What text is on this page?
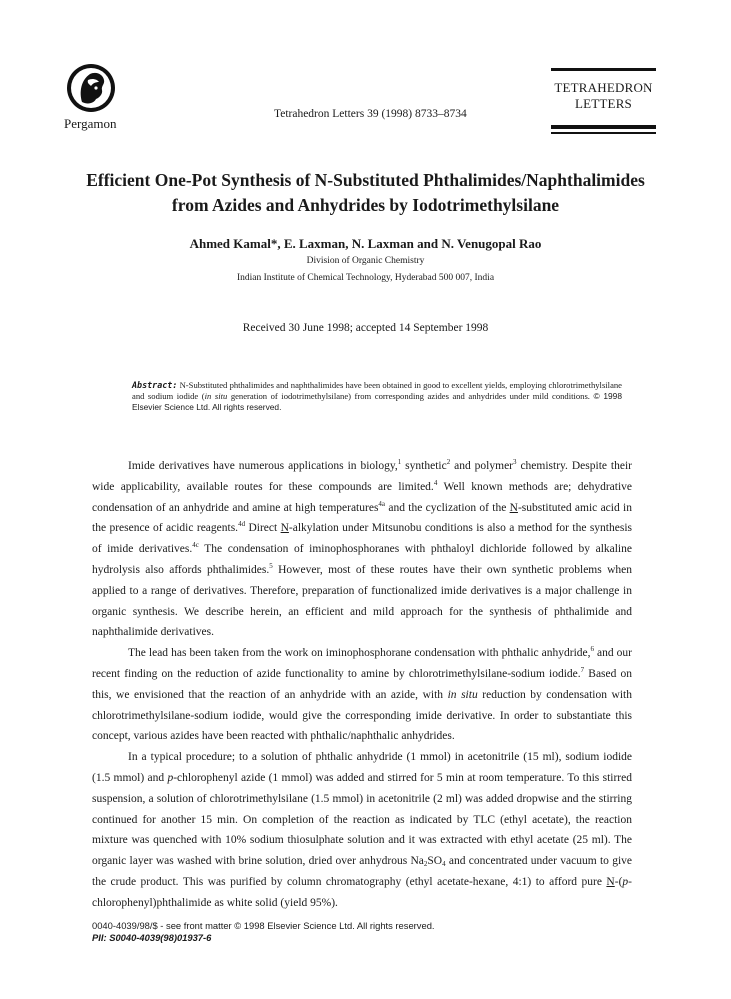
Pergamon
Tetrahedron Letters 39 (1998) 8733–8734
TETRAHEDRON
LETTERS
Efficient One-Pot Synthesis of N-Substituted Phthalimides/Naphthalimides
from Azides and Anhydrides by Iodotrimethylsilane
Ahmed Kamal*, E. Laxman, N. Laxman and N. Venugopal Rao
Division of Organic Chemistry
Indian Institute of Chemical Technology, Hyderabad 500 007, India
Received 30 June 1998; accepted 14 September 1998
Abstract: N-Substituted phthalimides and naphthalimides have been obtained in good to excellent yields, employing chlorotrimethylsilane and sodium iodide (in situ generation of iodotrimethylsilane) from corresponding azides and anhydrides under mild conditions. © 1998 Elsevier Science Ltd. All rights reserved.

Imide derivatives have numerous applications in biology,$^1$ synthetic$^2$ and polymer$^3$ chemistry. Despite their wide applicability, available routes for these compounds are limited.$^4$ Well known methods are; dehydrative condensation of an anhydride and amine at high temperatures$^{4a}$ and the cyclization of the N-substituted amic acid in the presence of acidic reagents.$^{4d}$ Direct N-alkylation under Mitsunobu conditions is also a method for the synthesis of imide derivatives.$^{4c}$ The condensation of iminophosphoranes with phthaloyl dichloride followed by alkaline hydrolysis also affords phthalimides.$^5$ However, most of these routes have their own synthetic problems when applied to a range of derivatives. Therefore, preparation of functionalized imide derivatives is a major challenge in organic synthesis. We describe herein, an efficient and mild approach for the synthesis of phthalimide and naphthalimide derivatives.

The lead has been taken from the work on iminophosphorane condensation with phthalic anhydride,$^6$ and our recent finding on the reduction of azide functionality to amine by chlorotrimethylsilane-sodium iodide.$^7$ Based on this, we envisioned that the reaction of an anhydride with an azide, with in situ reduction by condensation with chlorotrimethylsilane-sodium iodide, would give the corresponding imide derivative. In order to substantiate this concept, various azides have been reacted with phthalic/naphthalic anhydrides.

In a typical procedure; to a solution of phthalic anhydride (1 mmol) in acetonitrile (15 ml), sodium iodide (1.5 mmol) and p-chlorophenyl azide (1 mmol) was added and stirred for 5 min at room temperature. To this stirred suspension, a solution of chlorotrimethylsilane (1.5 mmol) in acetonitrile (2 ml) was added dropwise and the stirring continued for another 15 min. On completion of the reaction as indicated by TLC (ethyl acetate), the reaction mixture was quenched with 10% sodium thiosulphate solution and it was extracted with ethyl acetate (25 ml). The organic layer was washed with brine solution, dried over anhydrous $Na_2SO_4$ and concentrated under vacuum to give the crude product. This was purified by column chromatography (ethyl acetate-hexane, 4:1) to afford pure N-(p-chlorophenyl)phthalimide as white solid (yield 95%).

0040-4039/98/$ - see front matter © 1998 Elsevier Science Ltd. All rights reserved.
PII: S0040-4039(98)01937-6
